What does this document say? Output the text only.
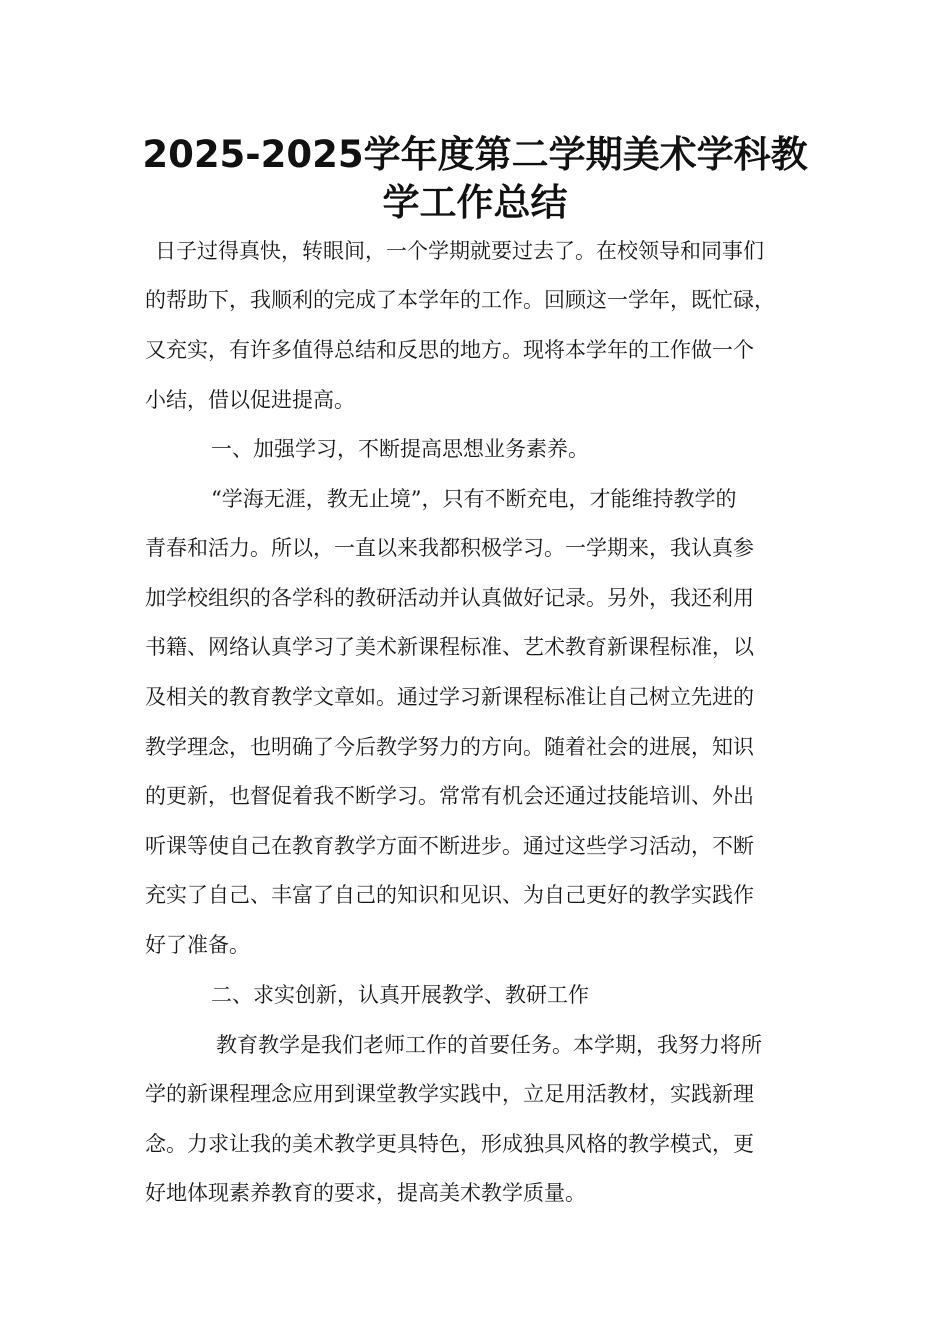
2025-2025学年度第二学期美术学科教
学工作总结
日子过得真快，转眼间，一个学期就要过去了。在校领导和同事们
的帮助下，我顺利的完成了本学年的工作。回顾这一学年，既忙碌，
又充实，有许多值得总结和反思的地方。现将本学年的工作做一个
小结，借以促进提高。
一、加强学习，不断提高思想业务素养。
“学海无涯，教无止境”，只有不断充电，才能维持教学的
青春和活力。所以，一直以来我都积极学习。一学期来，我认真参
加学校组织的各学科的教研活动并认真做好记录。另外，我还利用
书籍、网络认真学习了美术新课程标准、艺术教育新课程标准，以
及相关的教育教学文章如。通过学习新课程标准让自己树立先进的
教学理念，也明确了今后教学努力的方向。随着社会的进展，知识
的更新，也督促着我不断学习。常常有机会还通过技能培训、外出
听课等使自己在教育教学方面不断进步。通过这些学习活动，不断
充实了自己、丰富了自己的知识和见识、为自己更好的教学实践作
好了准备。
二、求实创新，认真开展教学、教研工作
教育教学是我们老师工作的首要任务。本学期，我努力将所
学的新课程理念应用到课堂教学实践中，立足用活教材，实践新理
念。力求让我的美术教学更具特色，形成独具风格的教学模式，更
好地体现素养教育的要求，提高美术教学质量。
